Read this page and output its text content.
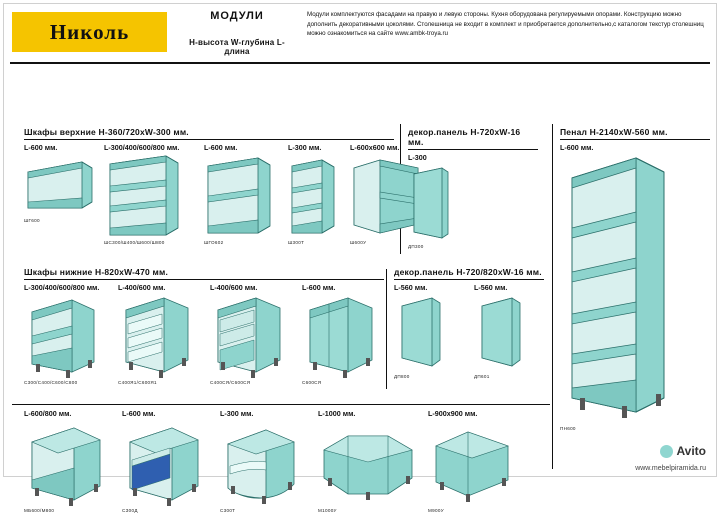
Николь
МОДУЛИ
H-высота W-глубина L-длина
Модули комплектуются фасадами на правую и левую стороны. Кухня оборудована регулируемыми опорами. Конструкцию можно дополнить декоративными цоколями. Столешница не входит в комплект и приобретается дополнительно,с каталогом текстур столешниц можно ознакомиться на сайте www.ambk-troya.ru
Шкафы верхние H-360/720xW-300 мм.
L-600 мм.
ШГ600
L-300/400/600/800 мм.
ШС300/Ш400/Ш600/Ш800
L-600 мм.
ШГО602
L-300 мм.
Ш300Т
L-600x600 мм.
Ш600У
декор.панель H-720xW-16 мм.
L-300
ДП300
Пенал H-2140xW-560 мм.
L-600 мм.
ПН600
Шкафы нижние H-820xW-470 мм.
L-300/400/600/800 мм.
С300/С400/С600/С800
L-400/600 мм.
С400Я1/С600Я1
L-400/600 мм.
С400СЯ/С600СЯ
L-600 мм.
С600СЯ
декор.панель H-720/820xW-16 мм.
L-560 мм.
ДП800
L-560 мм.
ДП601
L-600/800 мм.
МБ600/М800
L-600 мм.
СЗ00Д
L-300 мм.
С300Т
L-1000 мм.
М1000У
L-900x900 мм.
М900У
Avito
www.mebelpiramida.ru
